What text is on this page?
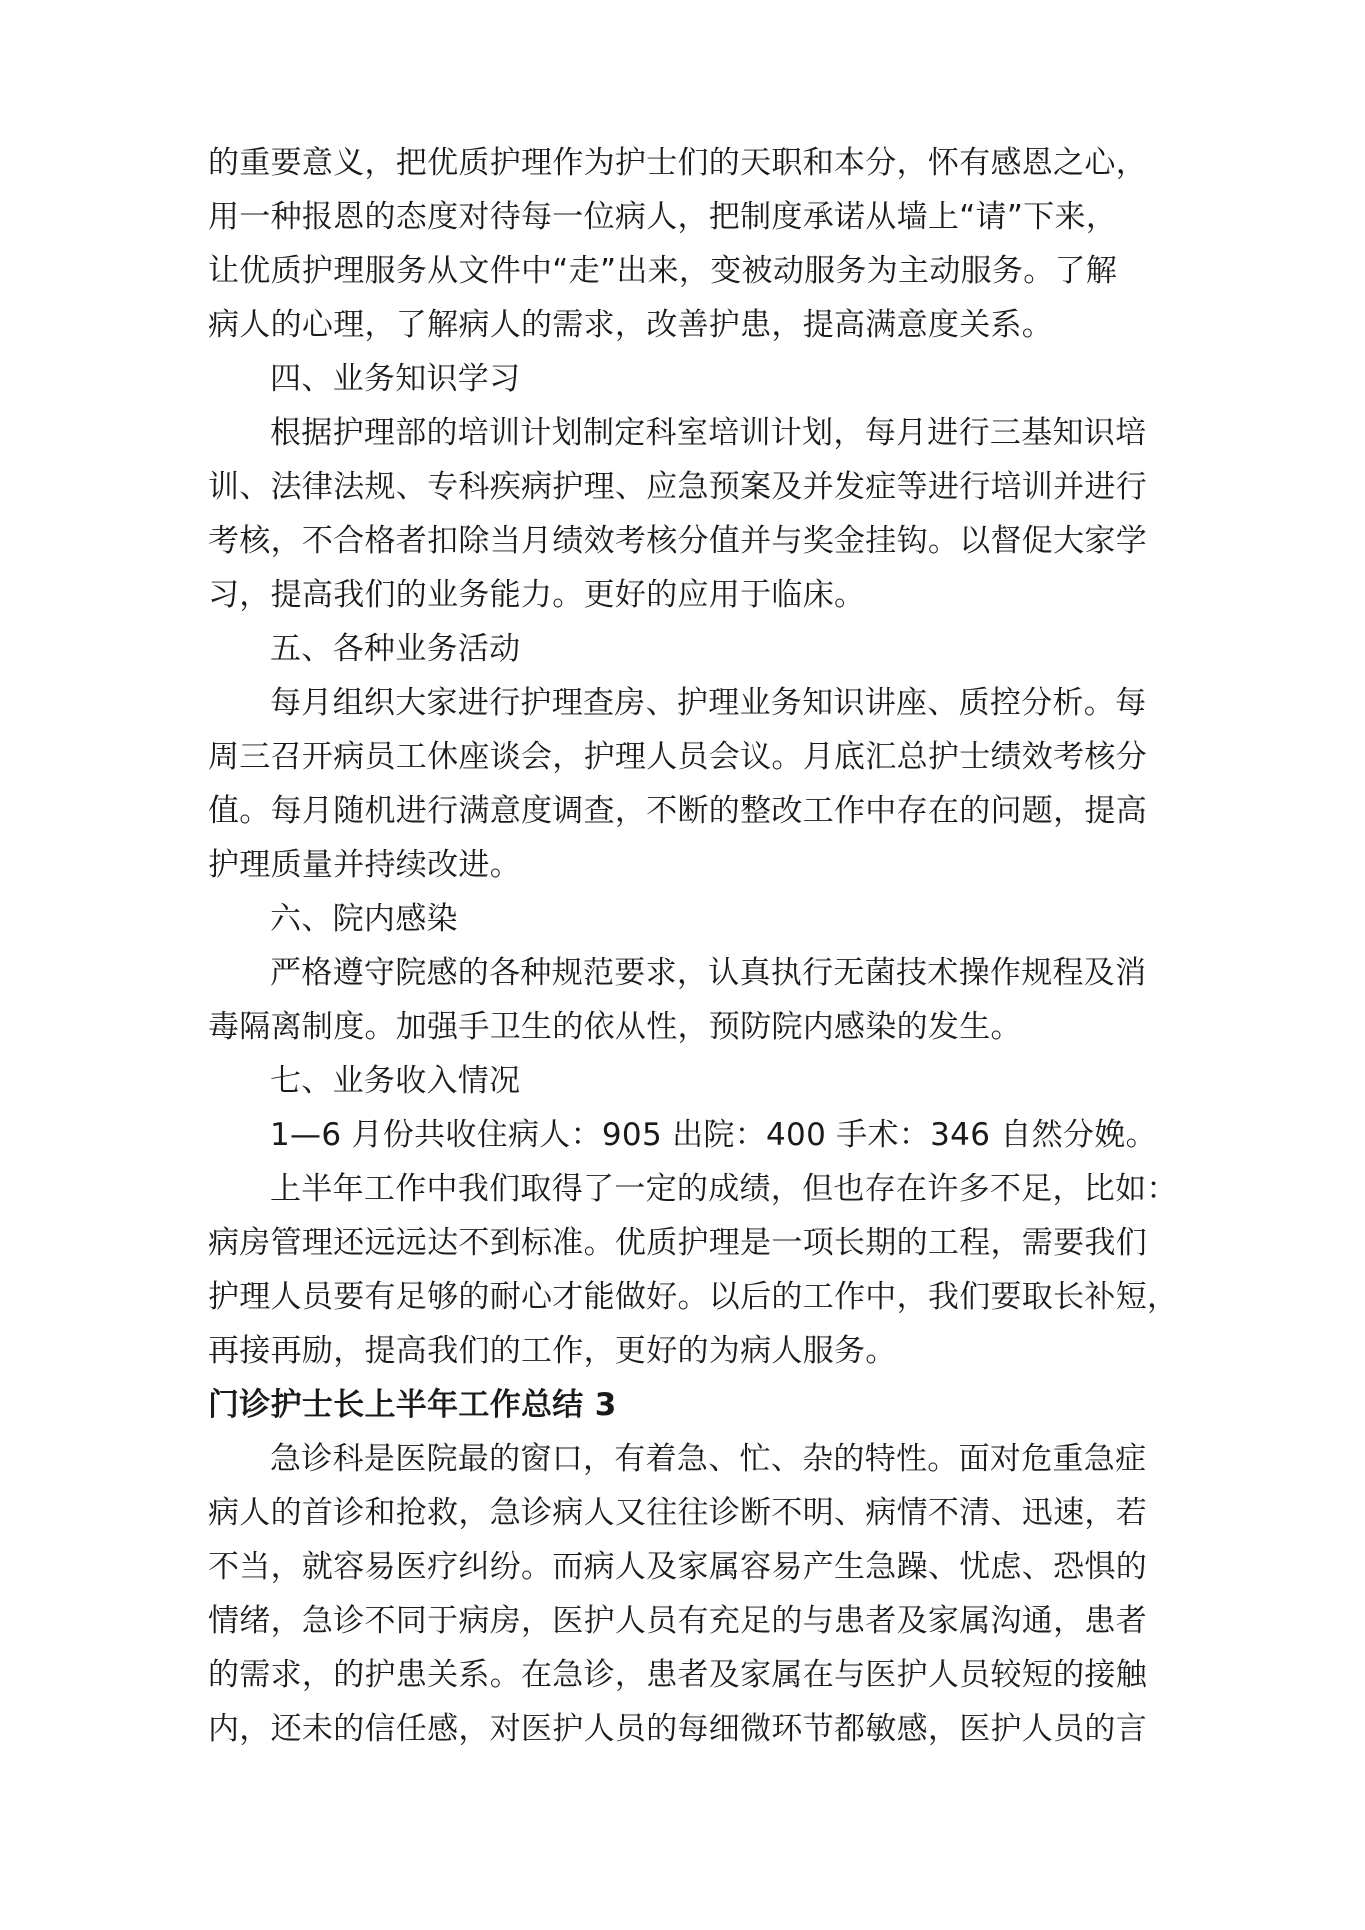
的重要意义，把优质护理作为护士们的天职和本分，怀有感恩之心，
用一种报恩的态度对待每一位病人，把制度承诺从墙上“请”下来，
让优质护理服务从文件中“走”出来，变被动服务为主动服务。了解
病人的心理，了解病人的需求，改善护患，提高满意度关系。
四、业务知识学习
根据护理部的培训计划制定科室培训计划，每月进行三基知识培
训、法律法规、专科疾病护理、应急预案及并发症等进行培训并进行
考核，不合格者扣除当月绩效考核分值并与奖金挂钩。以督促大家学
习，提高我们的业务能力。更好的应用于临床。
五、各种业务活动
每月组织大家进行护理查房、护理业务知识讲座、质控分析。每
周三召开病员工休座谈会，护理人员会议。月底汇总护士绩效考核分
值。每月随机进行满意度调查，不断的整改工作中存在的问题，提高
护理质量并持续改进。
六、院内感染
严格遵守院感的各种规范要求，认真执行无菌技术操作规程及消
毒隔离制度。加强手卫生的依从性，预防院内感染的发生。
七、业务收入情况
1—6 月份共收住病人：905 出院：400 手术：346 自然分娩。
上半年工作中我们取得了一定的成绩，但也存在许多不足，比如：
病房管理还远远达不到标准。优质护理是一项长期的工程，需要我们
护理人员要有足够的耐心才能做好。以后的工作中，我们要取长补短，
再接再励，提高我们的工作，更好的为病人服务。
门诊护士长上半年工作总结 3
急诊科是医院最的窗口，有着急、忙、杂的特性。面对危重急症
病人的首诊和抢救，急诊病人又往往诊断不明、病情不清、迅速，若
不当，就容易医疗纠纷。而病人及家属容易产生急躁、忧虑、恐惧的
情绪，急诊不同于病房，医护人员有充足的与患者及家属沟通，患者
的需求，的护患关系。在急诊，患者及家属在与医护人员较短的接触
内，还未的信任感，对医护人员的每细微环节都敏感，医护人员的言
